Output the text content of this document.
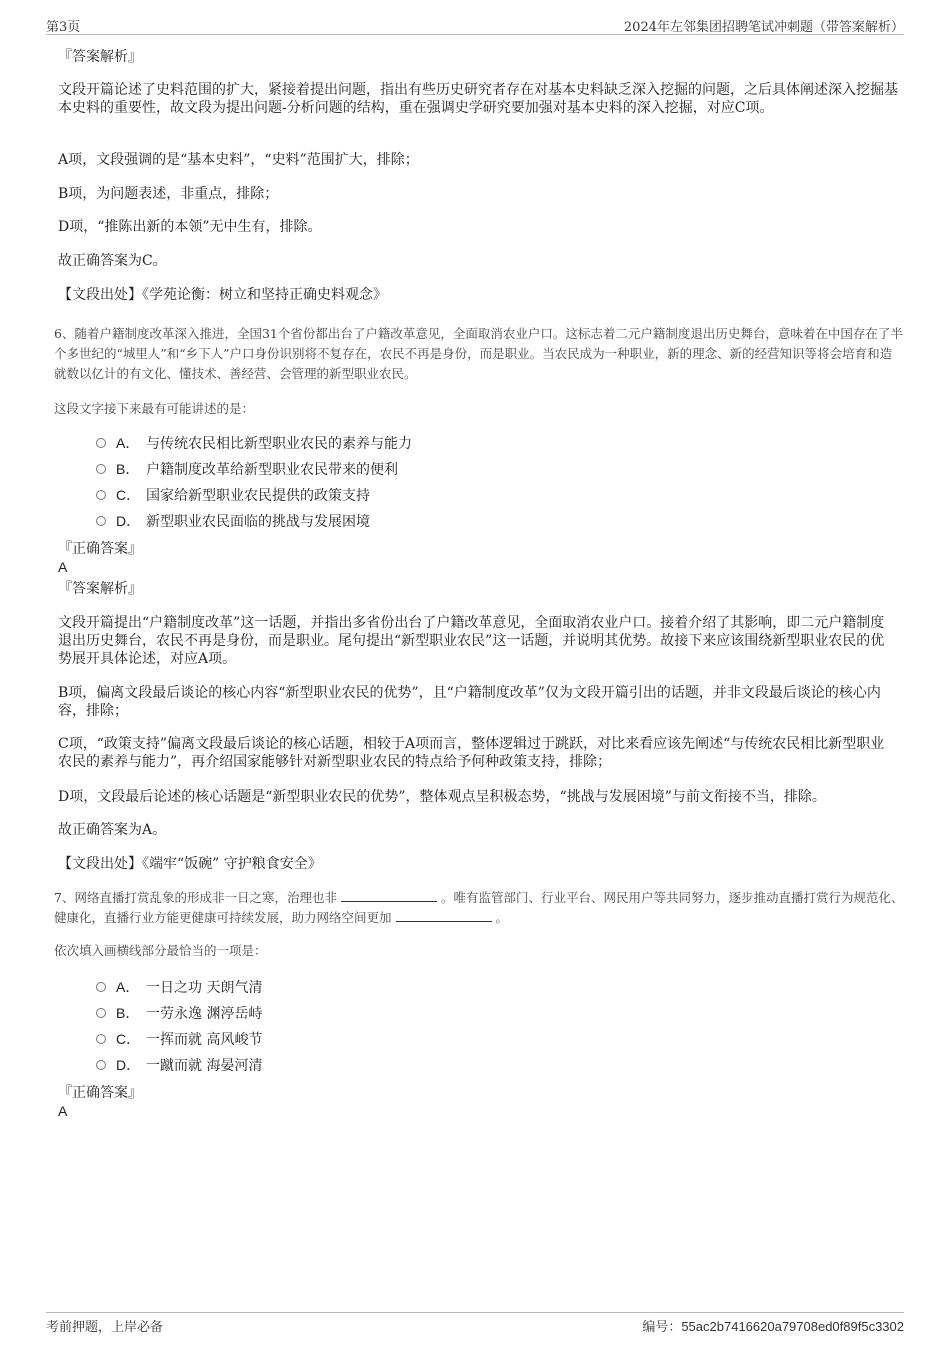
第3页	2024年左邻集团招聘笔试冲刺题（带答案解析）
『答案解析』
文段开篇论述了史料范围的扩大，紧接着提出问题，指出有些历史研究者存在对基本史料缺乏深入挖掘的问题，之后具体阐述深入挖掘基本史料的重要性，故文段为提出问题-分析问题的结构，重在强调史学研究要加强对基本史料的深入挖掘，对应C项。
A项，文段强调的是“基本史料”，“史料”范围扩大，排除；
B项，为问题表述，非重点，排除；
D项，“推陈出新的本领”无中生有，排除。
故正确答案为C。
【文段出处】《学苑论衡：树立和坚持正确史料观念》
6、随着户籍制度改革深入推进，全国31个省份都出台了户籍改革意见，全面取消农业户口。这标志着二元户籍制度退出历史舞台，意味着在中国存在了半个多世纪的“城里人”和“乡下人”户口身份识别将不复存在，农民不再是身份，而是职业。当农民成为一种职业，新的理念、新的经营知识等将会培育和造就数以亿计的有文化、懂技术、善经营、会管理的新型职业农民。
这段文字接下来最有可能讲述的是：
A． 与传统农民相比新型职业农民的素养与能力
B． 户籍制度改革给新型职业农民带来的便利
C． 国家给新型职业农民提供的政策支持
D． 新型职业农民面临的挑战与发展困境
『正确答案』
A
『答案解析』
文段开篇提出“户籍制度改革”这一话题，并指出多省份出台了户籍改革意见，全面取消农业户口。接着介绍了其影响，即二元户籍制度退出历史舞台，农民不再是身份，而是职业。尾句提出“新型职业农民”这一话题，并说明其优势。故接下来应该围绕新型职业农民的优势展开具体论述，对应A项。
B项，偏离文段最后谈论的核心内容“新型职业农民的优势”，且“户籍制度改革”仅为文段开篇引出的话题，并非文段最后谈论的核心内容，排除；
C项，“政策支持”偏离文段最后谈论的核心话题，相较于A项而言，整体逻辑过于跳跃，对比来看应该先阐述“与传统农民相比新型职业农民的素养与能力”，再介绍国家能够针对新型职业农民的特点给予何种政策支持，排除；
D项，文段最后论述的核心话题是“新型职业农民的优势”，整体观点呈积极态势，“挑战与发展困境”与前文衔接不当，排除。
故正确答案为A。
【文段出处】《端牢“饭碗” 守护粮食安全》
7、网络直播打赏乱象的形成非一日之寒，治理也非	。唯有监管部门、行业平台、网民用户等共同努力，逐步推动直播打赏行为规范化、健康化，直播行业方能更健康可持续发展，助力网络空间更加	。
依次填入画横线部分最恰当的一项是：
A． 一日之功 天朗气清
B． 一劳永逸 渊渟岳峙
C． 一挥而就 高风峻节
D． 一蹴而就 海晏河清
『正确答案』
A
考前押题，上岸必备	编号：55ac2b7416620a79708ed0f89f5c3302
